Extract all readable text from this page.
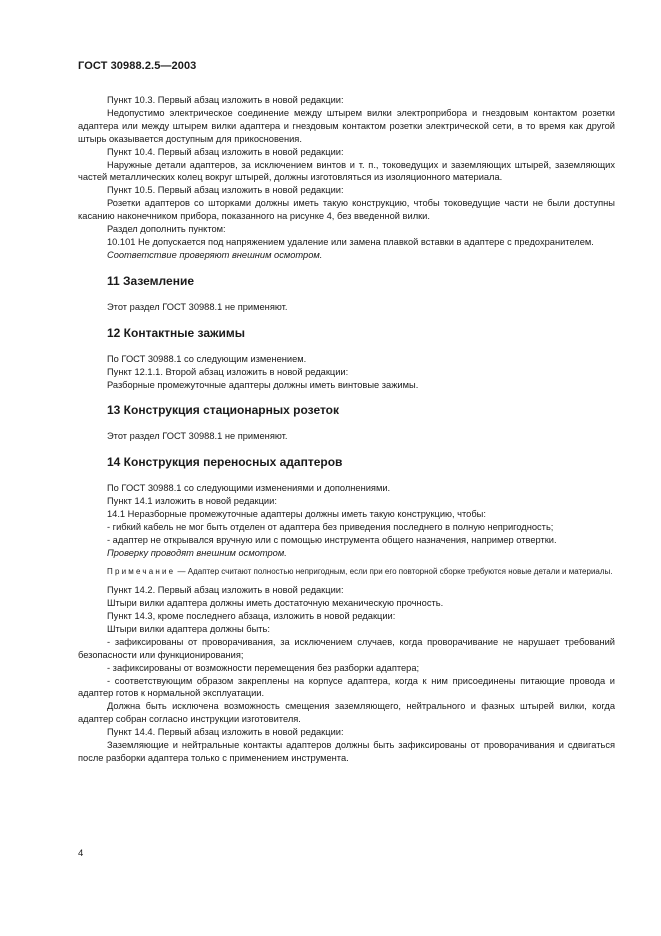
ГОСТ 30988.2.5—2003

Пункт 10.3. Первый абзац изложить в новой редакции:

Недопустимо электрическое соединение между штырем вилки электроприбора и гнездовым контактом розетки адаптера или между штырем вилки адаптера и гнездовым контактом розетки электрической сети, в то время как другой штырь оказывается доступным для прикосновения.

Пункт 10.4. Первый абзац изложить в новой редакции:

Наружные детали адаптеров, за исключением винтов и т. п., токоведущих и заземляющих штырей, заземляющих частей металлических колец вокруг штырей, должны изготовляться из изоляционного материала.

Пункт 10.5. Первый абзац изложить в новой редакции:

Розетки адаптеров со шторками должны иметь такую конструкцию, чтобы токоведущие части не были доступны касанию наконечником прибора, показанного на рисунке 4, без введенной вилки.

Раздел дополнить пунктом:

10.101 Не допускается под напряжением удаление или замена плавкой вставки в адаптере с предохранителем.

Соответствие проверяют внешним осмотром.

11 Заземление

Этот раздел ГОСТ 30988.1 не применяют.

12 Контактные зажимы

По ГОСТ 30988.1 со следующим изменением.

Пункт 12.1.1. Второй абзац изложить в новой редакции:

Разборные промежуточные адаптеры должны иметь винтовые зажимы.

13 Конструкция стационарных розеток

Этот раздел ГОСТ 30988.1 не применяют.

14 Конструкция переносных адаптеров

По ГОСТ 30988.1 со следующими изменениями и дополнениями.

Пункт 14.1 изложить в новой редакции:

14.1 Неразборные промежуточные адаптеры должны иметь такую конструкцию, чтобы:

- гибкий кабель не мог быть отделен от адаптера без приведения последнего в полную непригодность;

- адаптер не открывался вручную или с помощью инструмента общего назначения, например отвертки.

Проверку проводят внешним осмотром.

Примечание — Адаптер считают полностью непригодным, если при его повторной сборке требуются новые детали и материалы.

Пункт 14.2. Первый абзац изложить в новой редакции:

Штыри вилки адаптера должны иметь достаточную механическую прочность.

Пункт 14.3, кроме последнего абзаца, изложить в новой редакции:

Штыри вилки адаптера должны быть:

- зафиксированы от проворачивания, за исключением случаев, когда проворачивание не нарушает требований безопасности или функционирования;

- зафиксированы от возможности перемещения без разборки адаптера;

- соответствующим образом закреплены на корпусе адаптера, когда к ним присоединены питающие провода и адаптер готов к нормальной эксплуатации.

Должна быть исключена возможность смещения заземляющего, нейтрального и фазных штырей вилки, когда адаптер собран согласно инструкции изготовителя.

Пункт 14.4. Первый абзац изложить в новой редакции:

Заземляющие и нейтральные контакты адаптеров должны быть зафиксированы от проворачивания и сдвигаться после разборки адаптера только с применением инструмента.

4
